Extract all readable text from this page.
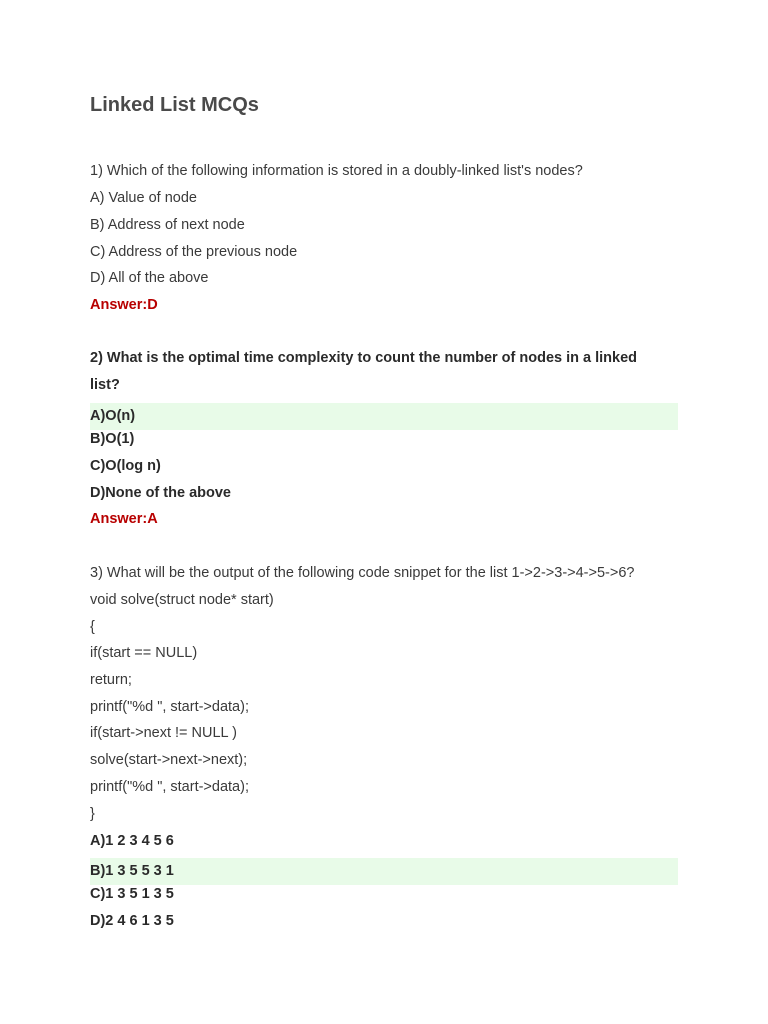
Linked List MCQs
1) Which of the following information is stored in a doubly-linked list's nodes?
A) Value of node
B) Address of next node
C) Address of the previous node
D) All of the above
Answer:D
2) What is the optimal time complexity to count the number of nodes in a linked
list?
A)O(n)
B)O(1)
C)O(log n)
D)None of the above
Answer:A
3) What will be the output of the following code snippet for the list 1->2->3->4->5->6?
void solve(struct node* start)
{
if(start == NULL)
return;
printf("%d ", start->data);
if(start->next != NULL )
solve(start->next->next);
printf("%d ", start->data);
}
A)1 2 3 4 5 6
B)1 3 5 5 3 1
C)1 3 5 1 3 5
D)2 4 6 1 3 5
